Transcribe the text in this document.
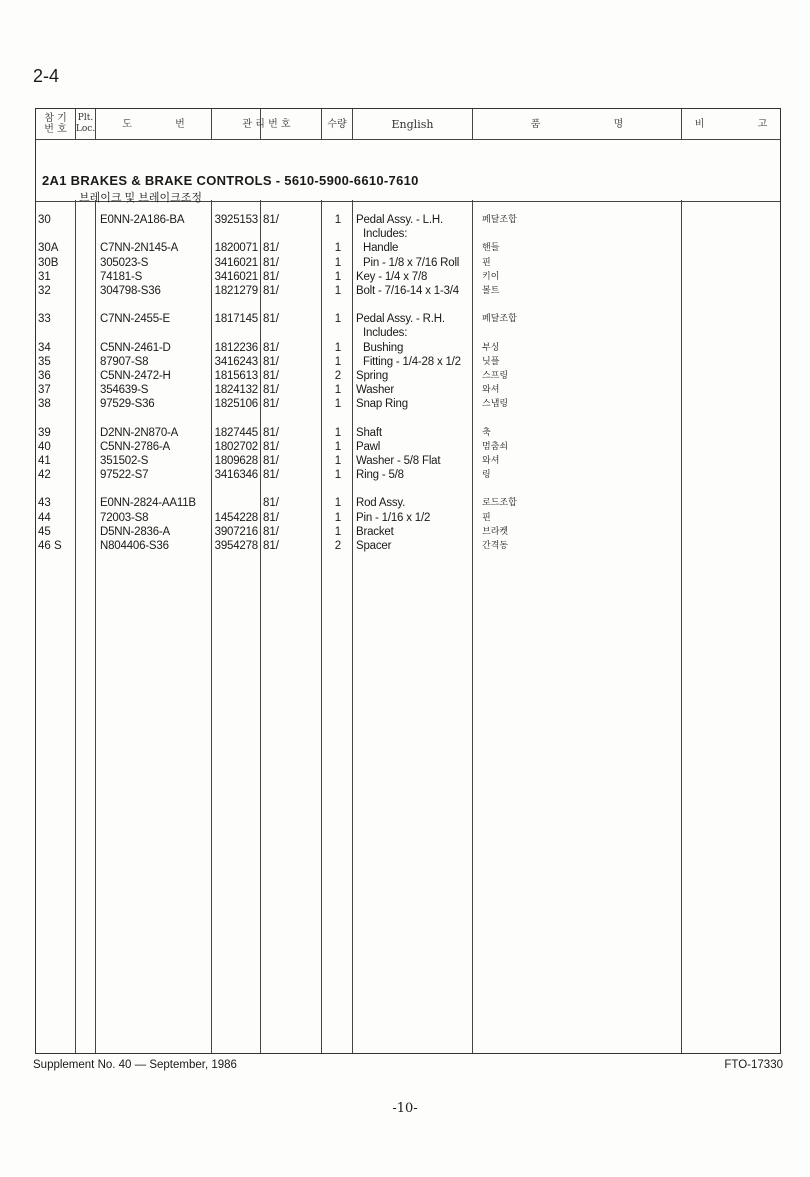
2-4
참 기
번 호
Plt.
Loc.	도 번	관 리 번 호	수량	English	품 명	비 고
2A1 BRAKES & BRAKE CONTROLS - 5610-5900-6610-7610
브레이크 및 브레이크조정
30	E0NN-2A186-BA	3925153 81/	1	Pedal Assy. - L.H.	페달조합
Includes:
30A	C7NN-2N145-A	1820071 81/	1	Handle	핸들
30B	305023-S	3416021 81/	1	Pin - 1/8 x 7/16 Roll	핀
31	74181-S	3416021 81/	1	Key - 1/4 x 7/8	키이
32	304798-S36	1821279 81/	1	Bolt - 7/16-14 x 1-3/4	볼트
33	C7NN-2455-E	1817145 81/	1	Pedal Assy. - R.H.	페달조합
Includes:
34	C5NN-2461-D	1812236 81/	1	Bushing	부싱
35	87907-S8	3416243 81/	1	Fitting - 1/4-28 x 1/2 닛플
36	C5NN-2472-H	1815613 81/	2	Spring	스프링
37	354639-S	1824132 81/	1	Washer	와셔
38	97529-S36	1825106 81/	1	Snap Ring	스냅링
39	D2NN-2N870-A	1827445 81/	1	Shaft	축
40	C5NN-2786-A	1802702 81/	1	Pawl	멈춤쇠
41	351502-S	1809628 81/	1	Washer - 5/8 Flat	와셔
42	97522-S7	3416346 81/	1	Ring - 5/8	링
43	E0NN-2824-AA11B	81/	1	Rod Assy.	로드조합
44	72003-S8	1454228 81/	1	Pin - 1/16 x 1/2	핀
45	D5NN-2836-A	3907216 81/	1	Bracket	브라켓
46 S	N804406-S36	3954278 81/	2	Spacer	간격동
Supplement No. 40 — September, 1986	FTO-17330
-10-
